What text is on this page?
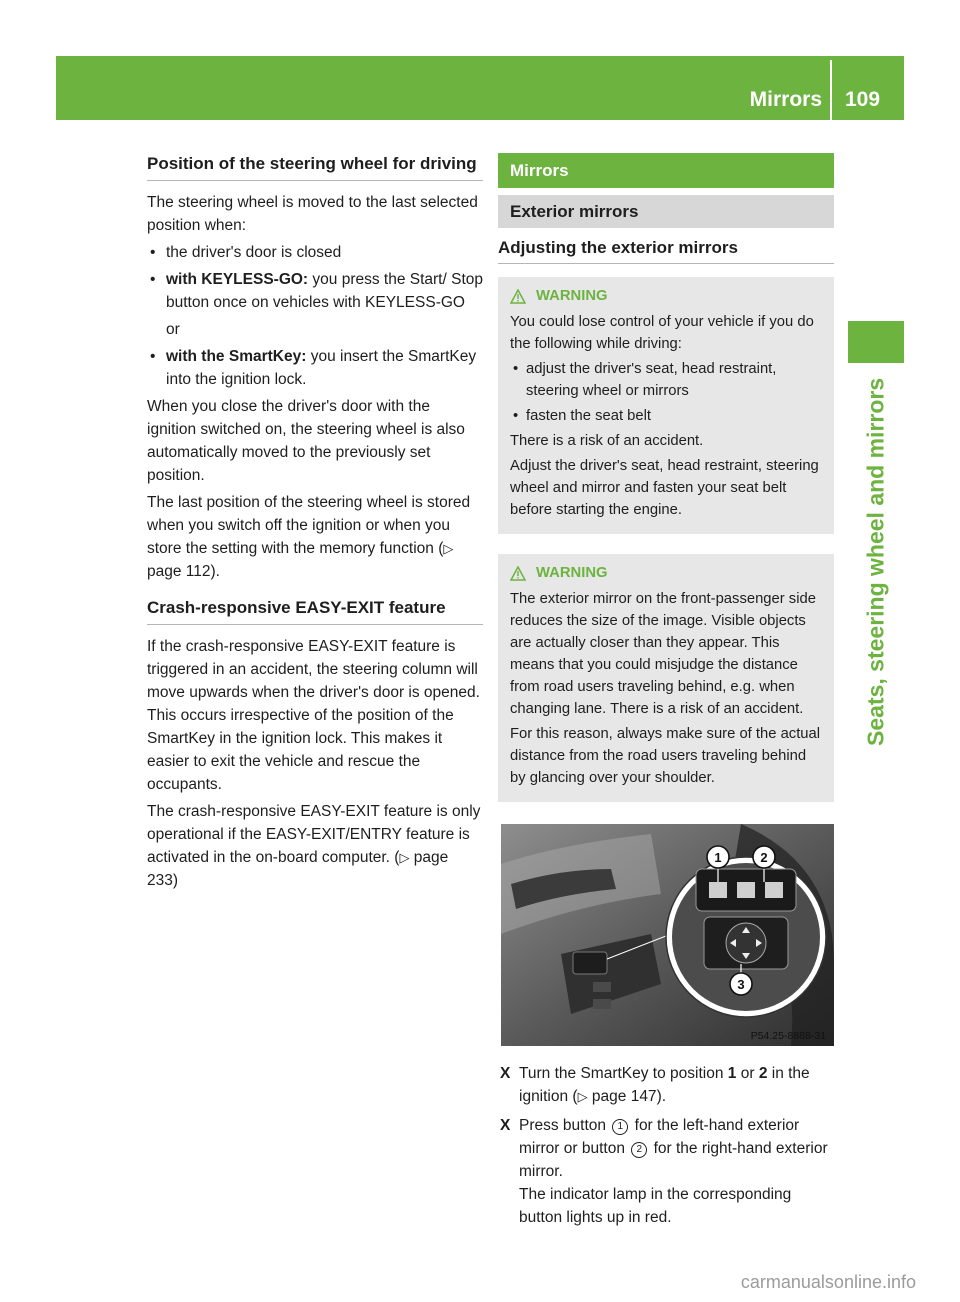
Mirrors 109
Seats, steering wheel and mirrors
Position of the steering wheel for driving

The steering wheel is moved to the last selected position when:

•
the driver's door is closed
•
with KEYLESS-GO: you press the Start/ Stop button once on vehicles with KEYLESS-GO
or
•
with the SmartKey: you insert the SmartKey into the ignition lock.

When you close the driver's door with the ignition switched on, the steering wheel is also automatically moved to the previously set position.

The last position of the steering wheel is stored when you switch off the ignition or when you store the setting with the memory function (▷ page 112).

Crash-responsive EASY-EXIT feature

If the crash-responsive EASY-EXIT feature is triggered in an accident, the steering column will move upwards when the driver's door is opened. This occurs irrespective of the position of the SmartKey in the ignition lock. This makes it easier to exit the vehicle and rescue the occupants.

The crash-responsive EASY-EXIT feature is only operational if the EASY-EXIT/ENTRY feature is activated in the on-board computer. (▷ page 233)

Mirrors
Exterior mirrors
Adjusting the exterior mirrors
WARNING

You could lose control of your vehicle if you do the following while driving:

•
adjust the driver's seat, head restraint, steering wheel or mirrors
•
fasten the seat belt

There is a risk of an accident.

Adjust the driver's seat, head restraint, steering wheel and mirror and fasten your seat belt before starting the engine.

WARNING

The exterior mirror on the front-passenger side reduces the size of the image. Visible objects are actually closer than they appear. This means that you could misjudge the distance from road users traveling behind, e.g. when changing lane. There is a risk of an accident.

For this reason, always make sure of the actual distance from the road users traveling behind by glancing over your shoulder.

1	2
3
P54.25-8888-31
X Turn the SmartKey to position 1 or 2 in the ignition (▷ page 147).
X Press button 1 for the left-hand exterior mirror or button 2 for the right-hand exterior mirror.
The indicator lamp in the corresponding button lights up in red.
carmanualsonline.info
